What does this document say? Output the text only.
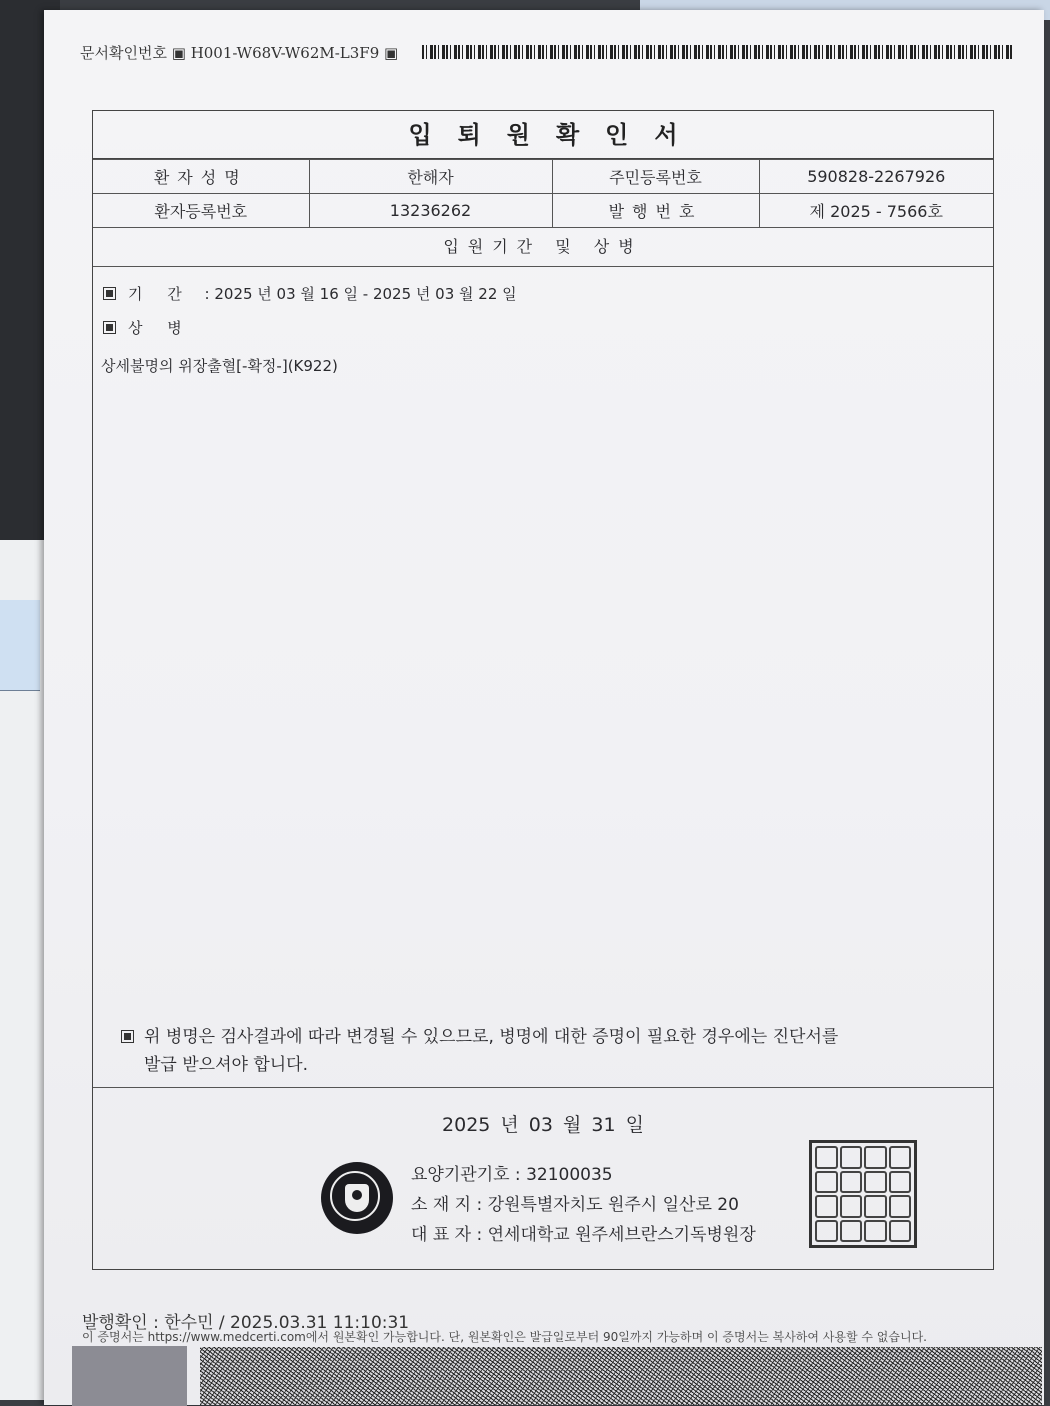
문서확인번호 ▣ H001-W68V-W62M-L3F9 ▣
입퇴원확인서
환자성명	한해자	주민등록번호	590828-2267926
환자등록번호	13236262	발행번호	제 2025 - 7566호
입원기간 및 상병
기 간 : 2025 년 03 월 16 일 - 2025 년 03 월 22 일
상 병
상세불명의 위장출혈[-확정-](K922)
위 병명은 검사결과에 따라 변경될 수 있으므로, 병명에 대한 증명이 필요한 경우에는 진단서를
발급 받으셔야 합니다.
2025 년 03 월 31 일
요양기관기호 : 32100035
소 재 지 : 강원특별자치도 원주시 일산로 20
대 표 자 : 연세대학교 원주세브란스기독병원장
발행확인 : 한수민 / 2025.03.31 11:10:31
이 증명서는 https://www.medcerti.com에서 원본확인 가능합니다. 단, 원본확인은 발급일로부터 90일까지 가능하며 이 증명서는 복사하여 사용할 수 없습니다.
